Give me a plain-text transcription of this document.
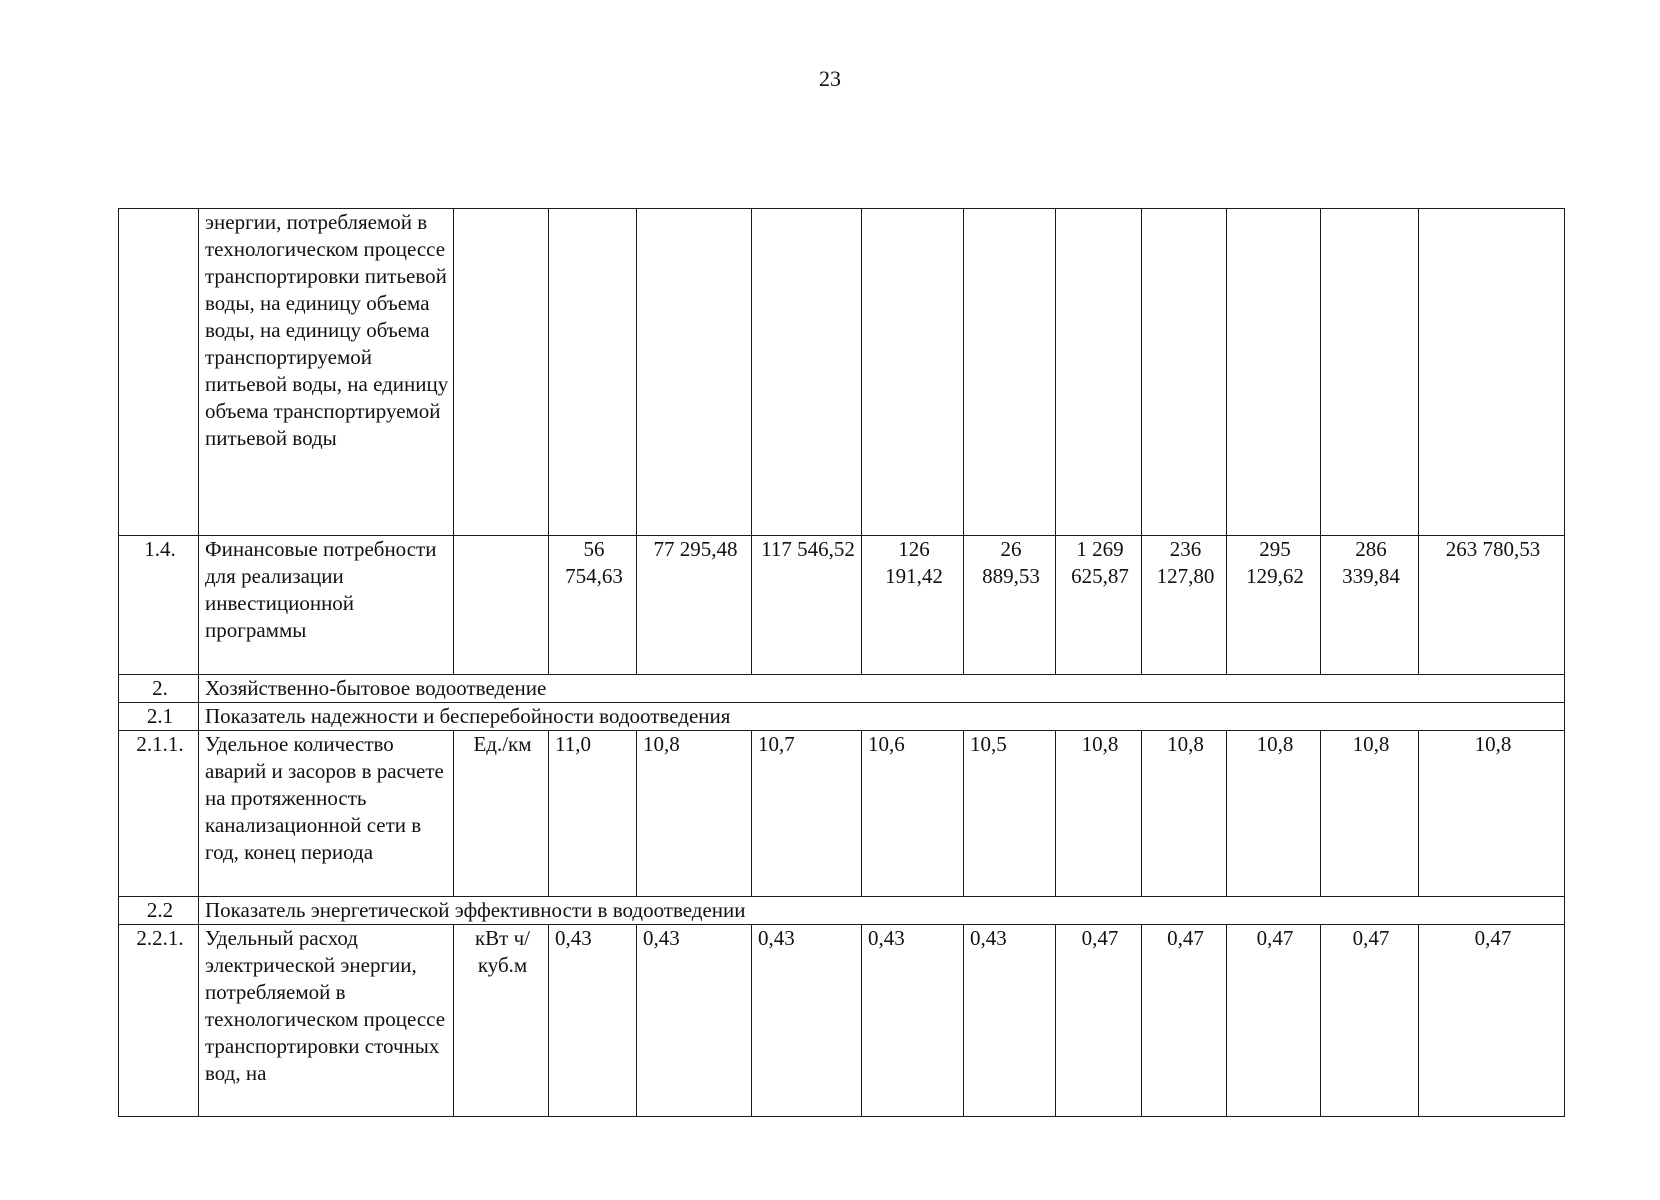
23
	энергии, потребляемой в технологическом процессе транспортировки питьевой воды, на единицу объема воды, на единицу объема транспортируемой питьевой воды, на единицу объема транспортируемой питьевой воды											
1.4.	Финансовые потребности для реализации инвестиционной программы		56 754,63	77 295,48	117 546,52	126 191,42	26 889,53	1 269 625,87	236 127,80	295 129,62	286 339,84	263 780,53
2.	Хозяйственно-бытовое водоотведение											
2.1	Показатель надежности и бесперебойности водоотведения											
2.1.1.	Удельное количество аварий и засоров в расчете на протяженность канализационной сети в год, конец периода	Ед./км	11,0	10,8	10,7	10,6	10,5	10,8	10,8	10,8	10,8	10,8
2.2	Показатель энергетической эффективности в водоотведении											
2.2.1.	Удельный расход электрической энергии, потребляемой в технологическом процессе транспортировки сточных вод, на	кВт ч/куб.м	0,43	0,43	0,43	0,43	0,43	0,47	0,47	0,47	0,47	0,47
